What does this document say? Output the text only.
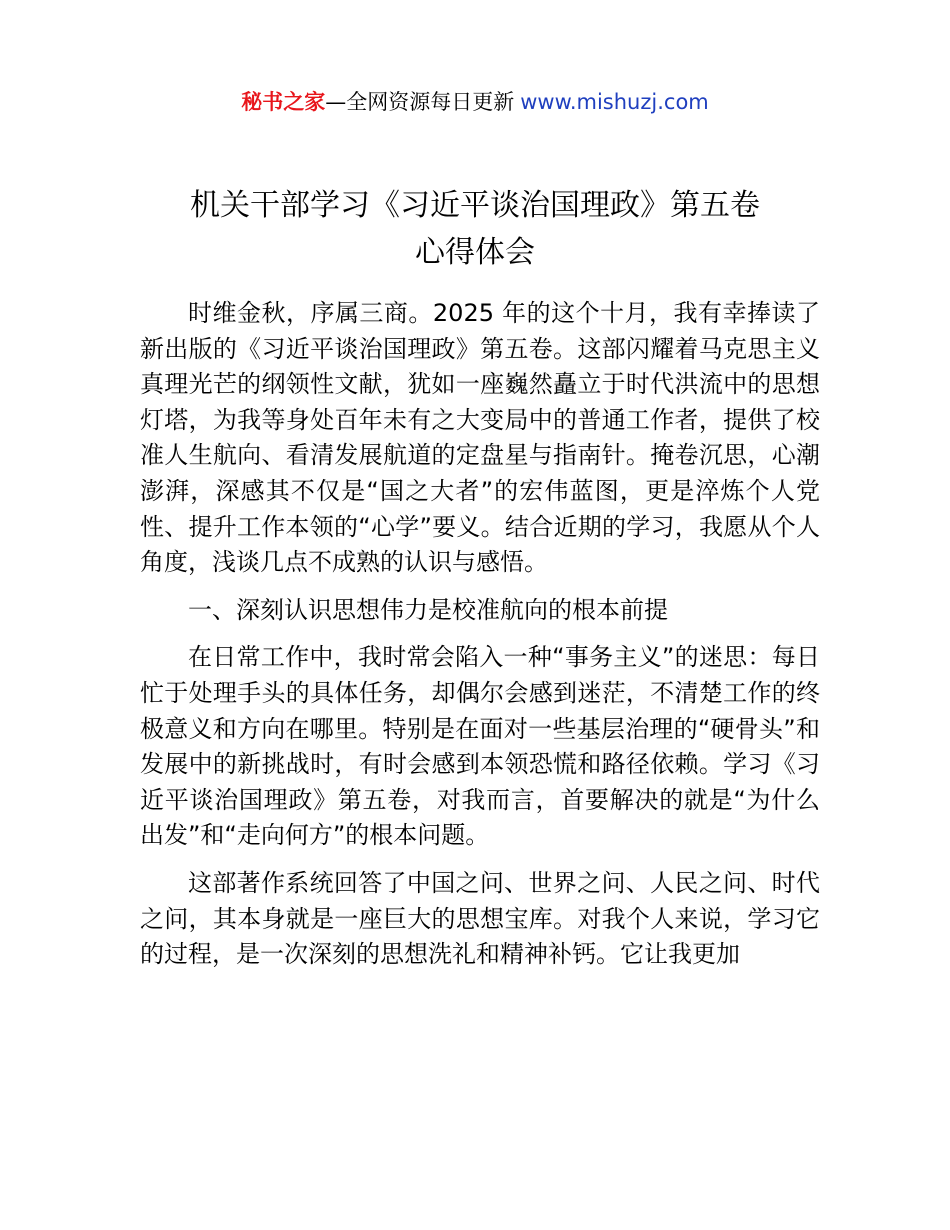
秘书之家—全网资源每日更新 www.mishuzj.com
机关干部学习《习近平谈治国理政》第五卷
心得体会

时维金秋，序属三商。2025 年的这个十月，我有幸捧读了新出版的《习近平谈治国理政》第五卷。这部闪耀着马克思主义真理光芒的纲领性文献，犹如一座巍然矗立于时代洪流中的思想灯塔，为我等身处百年未有之大变局中的普通工作者，提供了校准人生航向、看清发展航道的定盘星与指南针。掩卷沉思，心潮澎湃，深感其不仅是“国之大者”的宏伟蓝图，更是淬炼个人党性、提升工作本领的“心学”要义。结合近期的学习，我愿从个人角度，浅谈几点不成熟的认识与感悟。

一、深刻认识思想伟力是校准航向的根本前提

在日常工作中，我时常会陷入一种“事务主义”的迷思：每日忙于处理手头的具体任务，却偶尔会感到迷茫，不清楚工作的终极意义和方向在哪里。特别是在面对一些基层治理的“硬骨头”和发展中的新挑战时，有时会感到本领恐慌和路径依赖。学习《习近平谈治国理政》第五卷，对我而言，首要解决的就是“为什么出发”和“走向何方”的根本问题。

这部著作系统回答了中国之问、世界之问、人民之问、时代之问，其本身就是一座巨大的思想宝库。对我个人来说，学习它的过程，是一次深刻的思想洗礼和精神补钙。它让我更加
